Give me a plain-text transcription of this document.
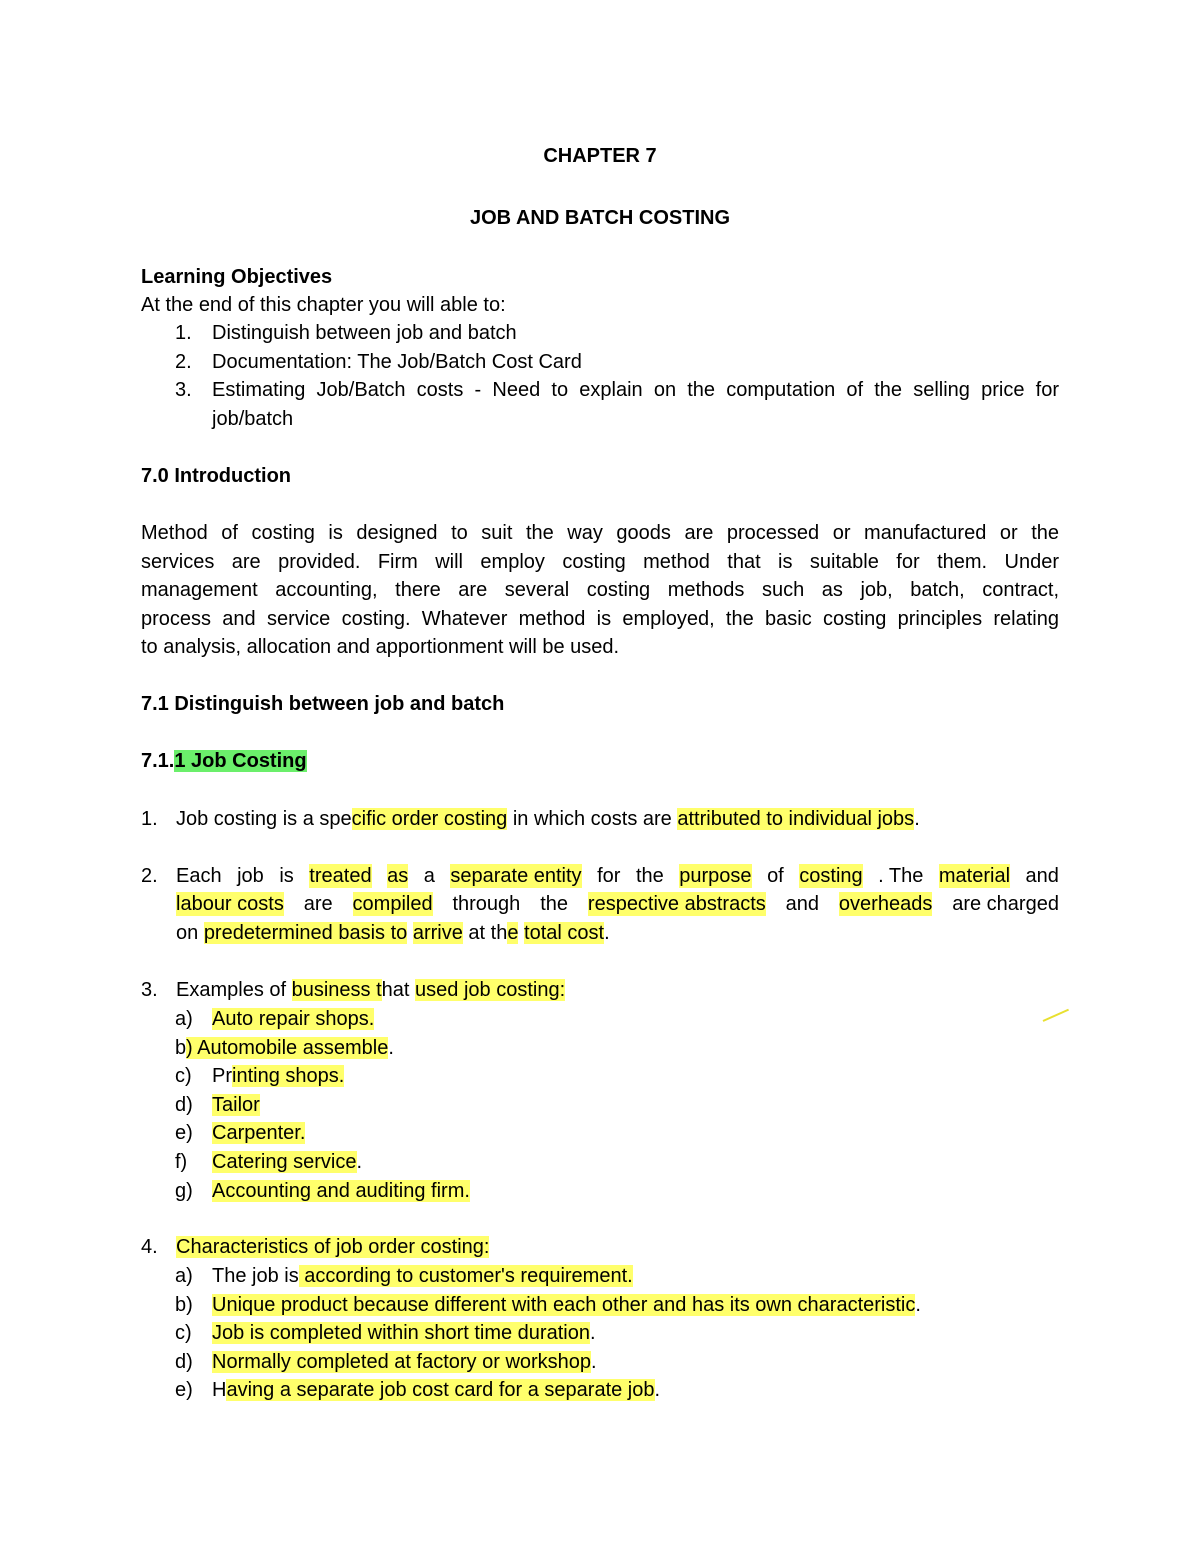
CHAPTER 7
JOB AND BATCH COSTING
Learning Objectives
At the end of this chapter you will able to:
1. Distinguish between job and batch
2. Documentation: The Job/Batch Cost Card
3. Estimating Job/Batch costs - Need to explain on the computation of the selling price for
job/batch
7.0 Introduction
Method of costing is designed to suit the way goods are processed or manufactured or the
services are provided. Firm will employ costing method that is suitable for them. Under
management accounting, there are several costing methods such as job, batch, contract,
process and service costing. Whatever method is employed, the basic costing principles relating
to analysis, allocation and apportionment will be used.
7.1 Distinguish between job and batch
7.1.1 Job Costing
1. Job costing is a specific order costing in which costs are attributed to individual jobs.
2. Each job is treated as a separate entity for the purpose of costing . The material and
labour costs are compiled through the respective abstracts and overheads are charged
on predetermined basis to arrive at the total cost.
3. Examples of business that used job costing:
a) Auto repair shops.
b ) Automobile assemble.
c) Printing shops.
d) Tailor
e) Carpenter.
f) Catering service.
g) Accounting and auditing firm.
4. Characteristics of job order costing:
a) The job is according to customer's requirement.
b) Unique product because different with each other and has its own characteristic.
c) Job is completed within short time duration.
d) Normally completed at factory or workshop.
e) Having a separate job cost card for a separate job.
